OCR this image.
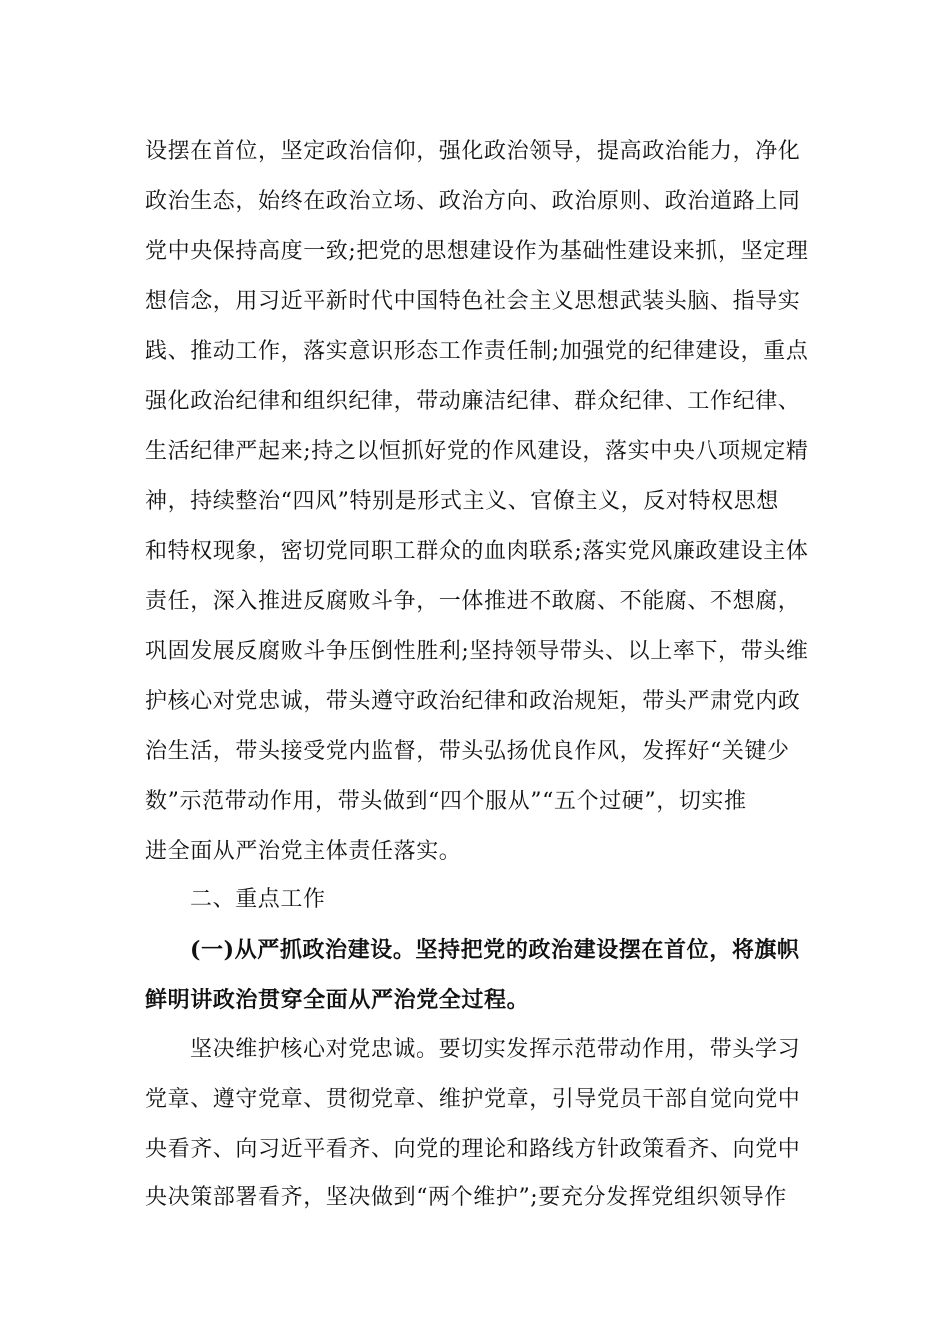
设摆在首位，坚定政治信仰，强化政治领导，提高政治能力，净化
政治生态，始终在政治立场、政治方向、政治原则、政治道路上同
党中央保持高度一致;把党的思想建设作为基础性建设来抓，坚定理
想信念，用习近平新时代中国特色社会主义思想武装头脑、指导实
践、推动工作，落实意识形态工作责任制;加强党的纪律建设，重点
强化政治纪律和组织纪律，带动廉洁纪律、群众纪律、工作纪律、
生活纪律严起来;持之以恒抓好党的作风建设，落实中央八项规定精
神，持续整治“四风”特别是形式主义、官僚主义，反对特权思想
和特权现象，密切党同职工群众的血肉联系;落实党风廉政建设主体
责任，深入推进反腐败斗争，一体推进不敢腐、不能腐、不想腐，
巩固发展反腐败斗争压倒性胜利;坚持领导带头、以上率下，带头维
护核心对党忠诚，带头遵守政治纪律和政治规矩，带头严肃党内政
治生活，带头接受党内监督，带头弘扬优良作风，发挥好“关键少
数”示范带动作用，带头做到“四个服从”“五个过硬”，切实推
进全面从严治党主体责任落实。
二、重点工作
(一)从严抓政治建设。坚持把党的政治建设摆在首位，将旗帜
鲜明讲政治贯穿全面从严治党全过程。
坚决维护核心对党忠诚。要切实发挥示范带动作用，带头学习
党章、遵守党章、贯彻党章、维护党章，引导党员干部自觉向党中
央看齐、向习近平看齐、向党的理论和路线方针政策看齐、向党中
央决策部署看齐，坚决做到“两个维护”;要充分发挥党组织领导作
